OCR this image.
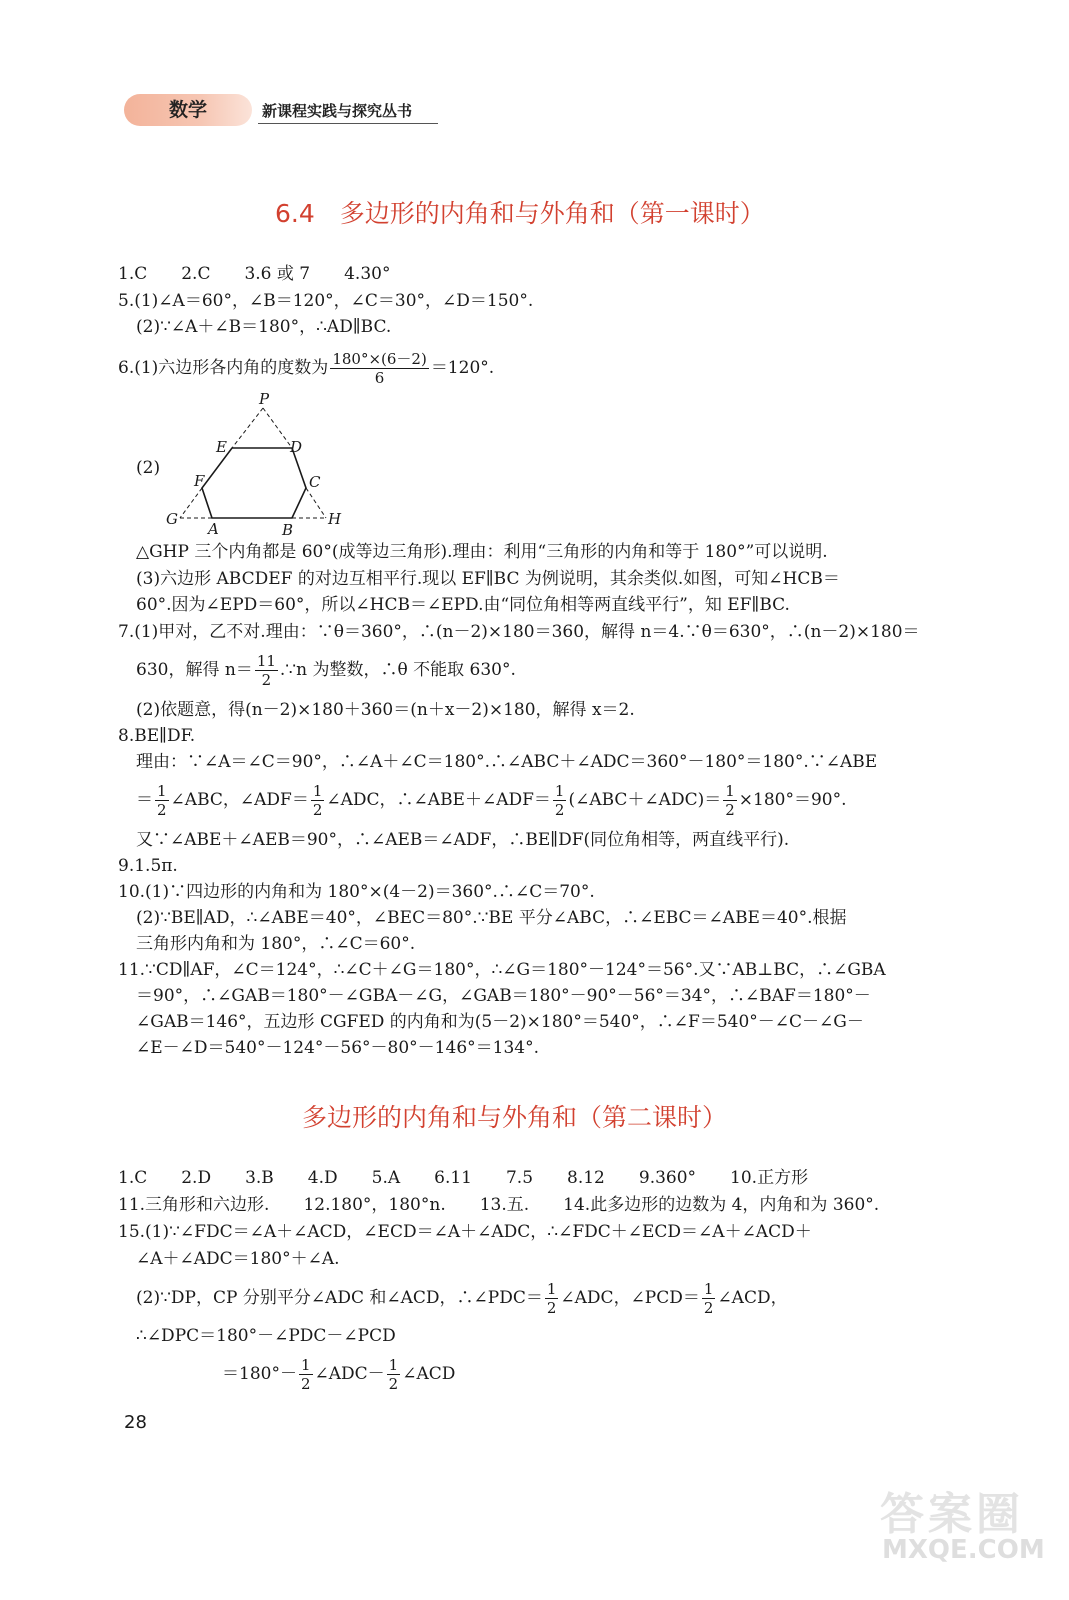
数学	新课程实践与探究丛书
6.4　多边形的内角和与外角和（第一课时）
1.C　　2.C　　3.6 或 7　　4.30°
5.(1)∠A＝60°，∠B＝120°，∠C＝30°，∠D＝150°.
(2)∵∠A＋∠B＝180°，∴AD∥BC.
6.(1)六边形各内角的度数为 $\frac{180^\circ\times(6-2)}{6} =120^\circ$.
(2)
P
E	D
F	C
G
A	B
H
△GHP 三个内角都是 60°(成等边三角形).理由：利用“三角形的内角和等于 180°”可以说明.
(3)六边形 ABCDEF 的对边互相平行.现以 EF∥BC 为例说明，其余类似.如图，可知∠HCB＝
60°.因为∠EPD＝60°，所以∠HCB＝∠EPD.由“同位角相等两直线平行”，知 EF∥BC.
7.(1)甲对，乙不对.理由：∵θ＝360°，∴(n－2)×180＝360，解得 n＝4.∵θ＝630°，∴(n－2)×180＝
630，解得 $n= \frac{11}{2}$ .∵n 为整数，∴θ 不能取 630°.
(2)依题意，得(n－2)×180＋360＝(n＋x－2)×180，解得 x＝2.
8.BE∥DF.
理由：∵∠A＝∠C＝90°，∴∠A＋∠C＝180°.∴∠ABC＋∠ADC＝360°－180°＝180°.∵∠ABE
＝ $\frac{1}{2}$ ∠ABC，∠ADF＝ $\frac{1}{2}$ ∠ADC，∴∠ABE＋∠ADF＝ $\frac{1}{2}$ (∠ABC＋∠ADC)＝ $\frac{1}{2} \times 180^\circ=90^\circ$.
又∵∠ABE＋∠AEB＝90°，∴∠AEB＝∠ADF，∴BE∥DF(同位角相等，两直线平行).
9.1.5π.
10.(1)∵四边形的内角和为 180°×(4－2)＝360°.∴∠C＝70°.
(2)∵BE∥AD，∴∠ABE＝40°，∠BEC＝80°.∵BE 平分∠ABC，∴∠EBC＝∠ABE＝40°.根据
三角形内角和为 180°，∴∠C＝60°.
11.∵CD∥AF，∠C＝124°，∴∠C＋∠G＝180°，∴∠G＝180°－124°＝56°.又∵AB⊥BC，∴∠GBA
＝90°，∴∠GAB＝180°－∠GBA－∠G，∠GAB＝180°－90°－56°＝34°，∴∠BAF＝180°－
∠GAB＝146°，五边形 CGFED 的内角和为(5－2)×180°＝540°，∴∠F＝540°－∠C－∠G－
∠E－∠D＝540°－124°－56°－80°－146°＝134°.
多边形的内角和与外角和（第二课时）
1.C　　2.D　　3.B　　4.D　　5.A　　6.11　　7.5　　8.12　　9.360°　　10.正方形
11.三角形和六边形.　　12.180°，180°n.　　13.五.　　14.此多边形的边数为 4，内角和为 360°.
15.(1)∵∠FDC＝∠A＋∠ACD，∠ECD＝∠A＋∠ADC，∴∠FDC＋∠ECD＝∠A＋∠ACD＋
∠A＋∠ADC＝180°＋∠A.
(2)∵DP，CP 分别平分∠ADC 和∠ACD，∴∠PDC＝ $\frac{1}{2}$ ∠ADC，∠PCD＝ $\frac{1}{2}$ ∠ACD，
∴∠DPC＝180°－∠PDC－∠PCD
$=180^\circ- \frac{1}{2}$ ∠ADC－ $\frac{1}{2}$ ∠ACD
28
答案圈
MXQE.COM
